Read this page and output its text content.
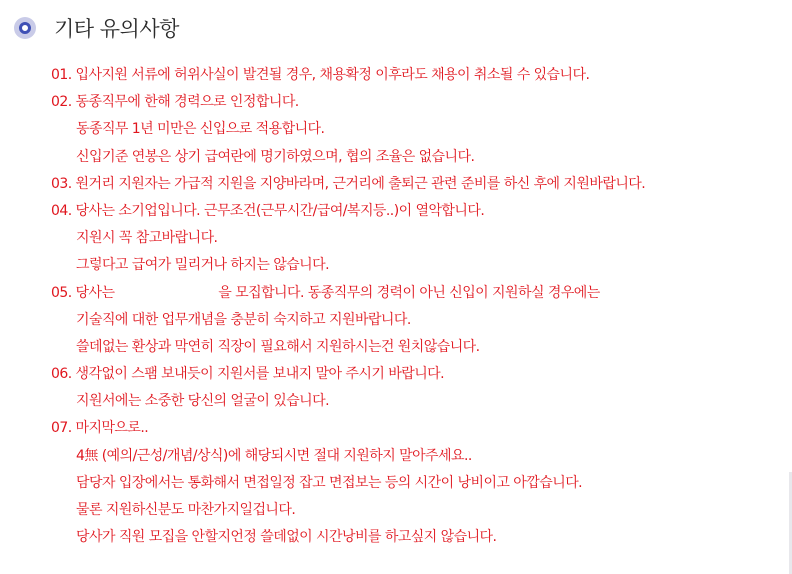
기타 유의사항
01. 입사지원 서류에 허위사실이 발견될 경우, 채용확정 이후라도 채용이 취소될 수 있습니다.
02. 동종직무에 한해 경력으로 인정합니다.
동종직무 1년 미만은 신입으로 적용합니다.
신입기준 연봉은 상기 급여란에 명기하였으며, 협의 조율은 없습니다.
03. 원거리 지원자는 가급적 지원을 지양바라며, 근거리에 출퇴근 관련 준비를 하신 후에 지원바랍니다.
04. 당사는 소기업입니다. 근무조건(근무시간/급여/복지등..)이 열악합니다.
지원시 꼭 참고바랍니다.
그렇다고 급여가 밀리거나 하지는 않습니다.
05. 당사는	을 모집합니다. 동종직무의 경력이 아닌 신입이 지원하실 경우에는
기술직에 대한 업무개념을 충분히 숙지하고 지원바랍니다.
쓸데없는 환상과 막연히 직장이 필요해서 지원하시는건 원치않습니다.
06. 생각없이 스팸 보내듯이 지원서를 보내지 말아 주시기 바랍니다.
지원서에는 소중한 당신의 얼굴이 있습니다.
07. 마지막으로..
4無 (예의/근성/개념/상식)에 해당되시면 절대 지원하지 말아주세요..
담당자 입장에서는 통화해서 면접일정 잡고 면접보는 등의 시간이 낭비이고 아깝습니다.
물론 지원하신분도 마찬가지일겁니다.
당사가 직원 모집을 안할지언정 쓸데없이 시간낭비를 하고싶지 않습니다.
